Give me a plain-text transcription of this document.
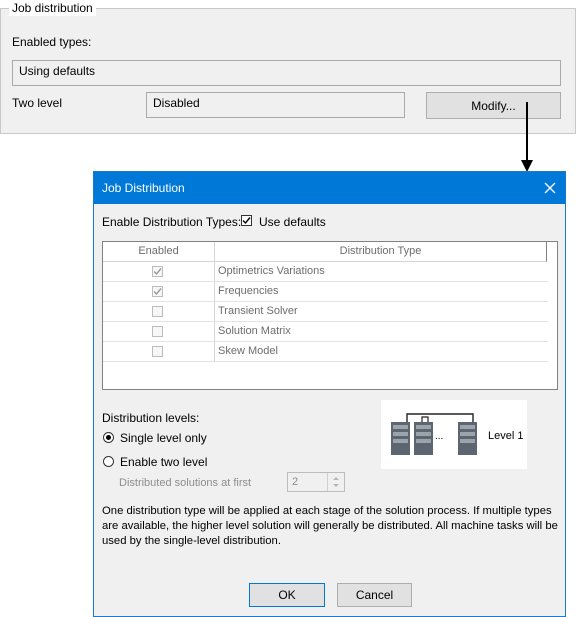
Job distribution
Enabled types:
Using defaults
Two level	Disabled	Modify...
Job Distribution
Enable Distribution Types: Use defaults
Enabled	Distribution Type
Optimetrics Variations
Frequencies
Transient Solver
Solution Matrix
Skew Model
Distribution levels:
Single level only
Enable two level
Distributed solutions at first	2
...	Level 1
One distribution type will be applied at each stage of the solution process. If multiple types are available, the higher level solution will generally be distributed. All machine tasks will be used by the single-level distribution.
OK	Cancel
